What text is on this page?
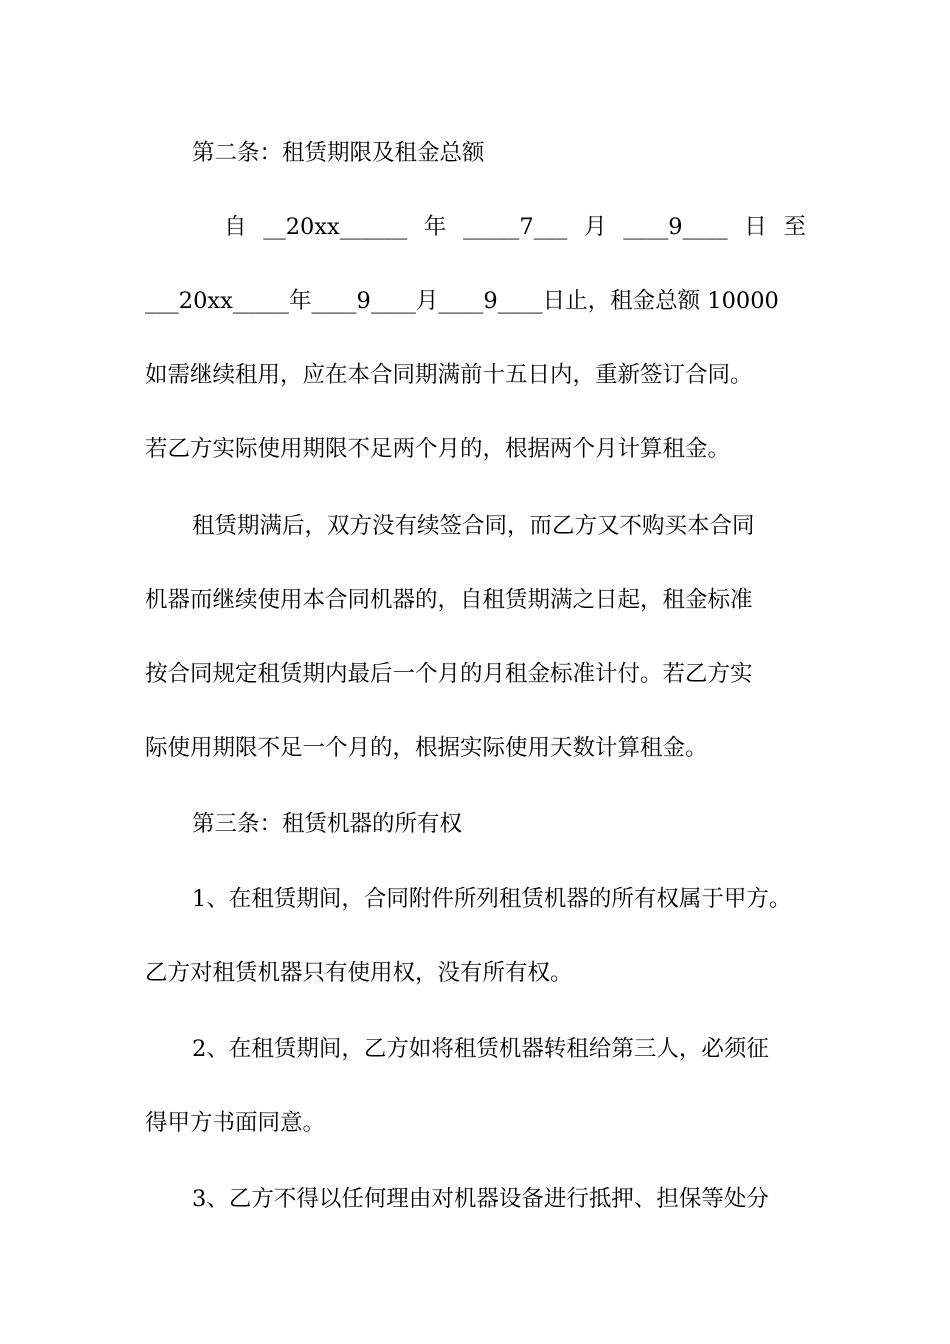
第二条：租赁期限及租金总额
自 __20xx______ 年 _____7___ 月 ____9____ 日 至
___20xx_____年____9____月____9____日止，租金总额 10000
如需继续租用，应在本合同期满前十五日内，重新签订合同。
若乙方实际使用期限不足两个月的，根据两个月计算租金。
租赁期满后，双方没有续签合同，而乙方又不购买本合同
机器而继续使用本合同机器的，自租赁期满之日起，租金标准
按合同规定租赁期内最后一个月的月租金标准计付。若乙方实
际使用期限不足一个月的，根据实际使用天数计算租金。
第三条：租赁机器的所有权
1、在租赁期间，合同附件所列租赁机器的所有权属于甲方。
乙方对租赁机器只有使用权，没有所有权。
2、在租赁期间，乙方如将租赁机器转租给第三人，必须征
得甲方书面同意。
3、乙方不得以任何理由对机器设备进行抵押、担保等处分
